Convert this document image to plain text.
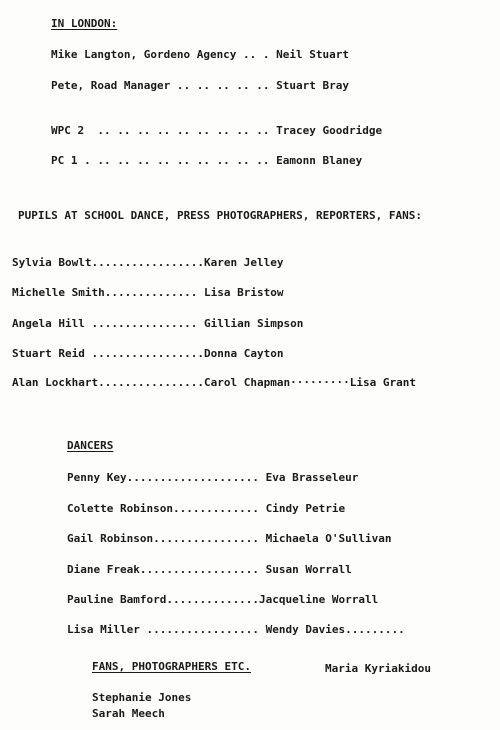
IN LONDON:
Mike Langton, Gordeno Agency .. . Neil Stuart
Pete, Road Manager .. .. .. .. .. Stuart Bray
WPC 2  .. .. .. .. .. .. .. .. .. Tracey Goodridge
PC 1 . .. .. .. .. .. .. .. .. .. Eamonn Blaney
PUPILS AT SCHOOL DANCE, PRESS PHOTOGRAPHERS, REPORTERS, FANS:
Sylvia Bowlt.................Karen Jelley
Michelle Smith.............. Lisa Bristow
Angela Hill ................ Gillian Simpson
Stuart Reid .................Donna Cayton
Alan Lockhart................Carol Chapman·········Lisa Grant
DANCERS
Penny Key.................... Eva Brasseleur
Colette Robinson............. Cindy Petrie
Gail Robinson................ Michaela O'Sullivan
Diane Freak.................. Susan Worrall
Pauline Bamford..............Jacqueline Worrall
Lisa Miller ................. Wendy Davies.........
FANS, PHOTOGRAPHERS ETC.	Maria Kyriakidou
Stephanie Jones
Sarah Meech
